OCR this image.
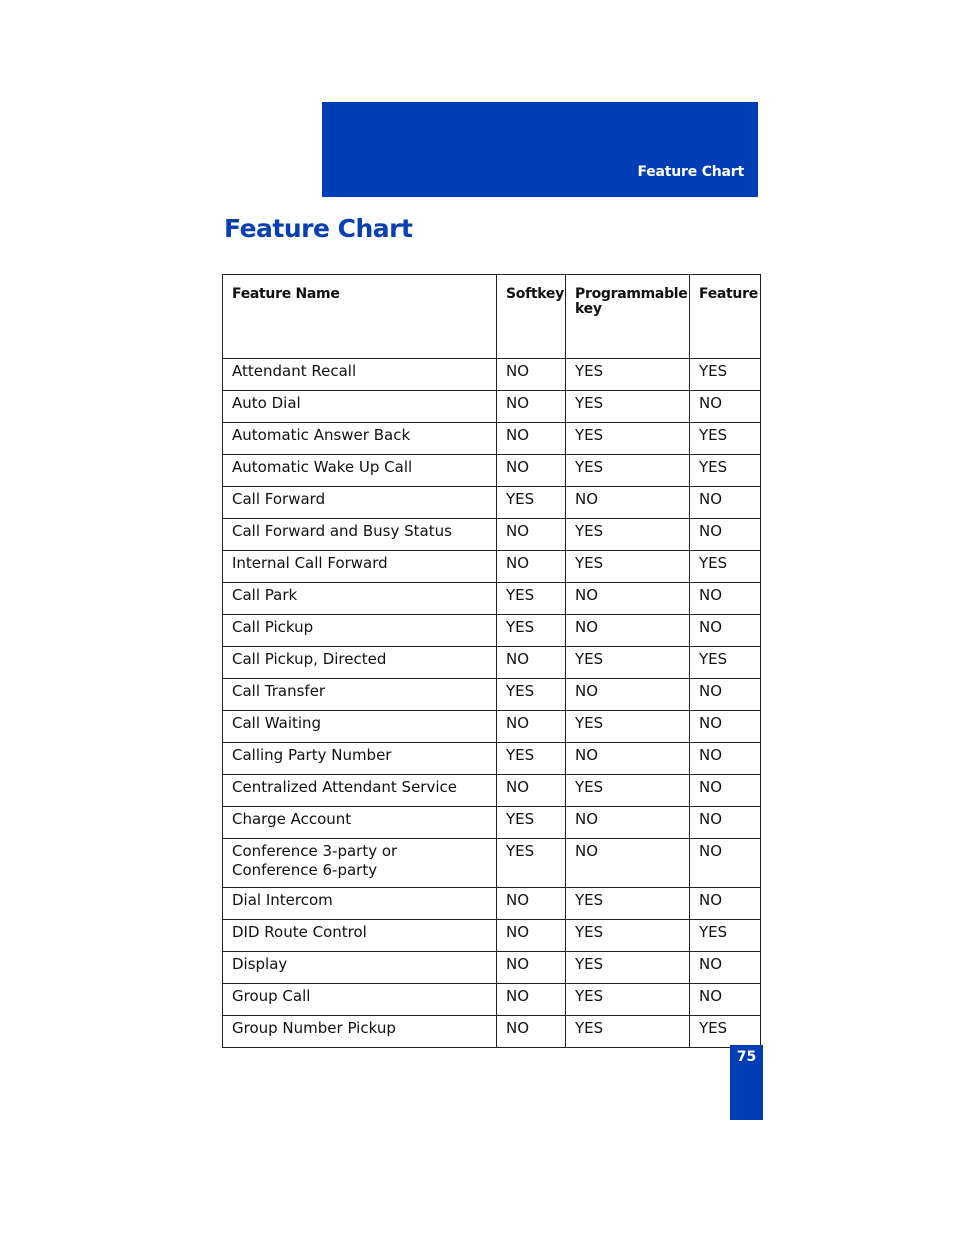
Feature Chart
Feature Chart
Feature Name	Softkey	Programmable key	Feature
Attendant Recall	NO	YES	YES
Auto Dial	NO	YES	NO
Automatic Answer Back	NO	YES	YES
Automatic Wake Up Call	NO	YES	YES
Call Forward	YES	NO	NO
Call Forward and Busy Status	NO	YES	NO
Internal Call Forward	NO	YES	YES
Call Park	YES	NO	NO
Call Pickup	YES	NO	NO
Call Pickup, Directed	NO	YES	YES
Call Transfer	YES	NO	NO
Call Waiting	NO	YES	NO
Calling Party Number	YES	NO	NO
Centralized Attendant Service	NO	YES	NO
Charge Account	YES	NO	NO
Conference 3-party or Conference 6-party	YES	NO	NO
Dial Intercom	NO	YES	NO
DID Route Control	NO	YES	YES
Display	NO	YES	NO
Group Call	NO	YES	NO
Group Number Pickup	NO	YES	YES
75
